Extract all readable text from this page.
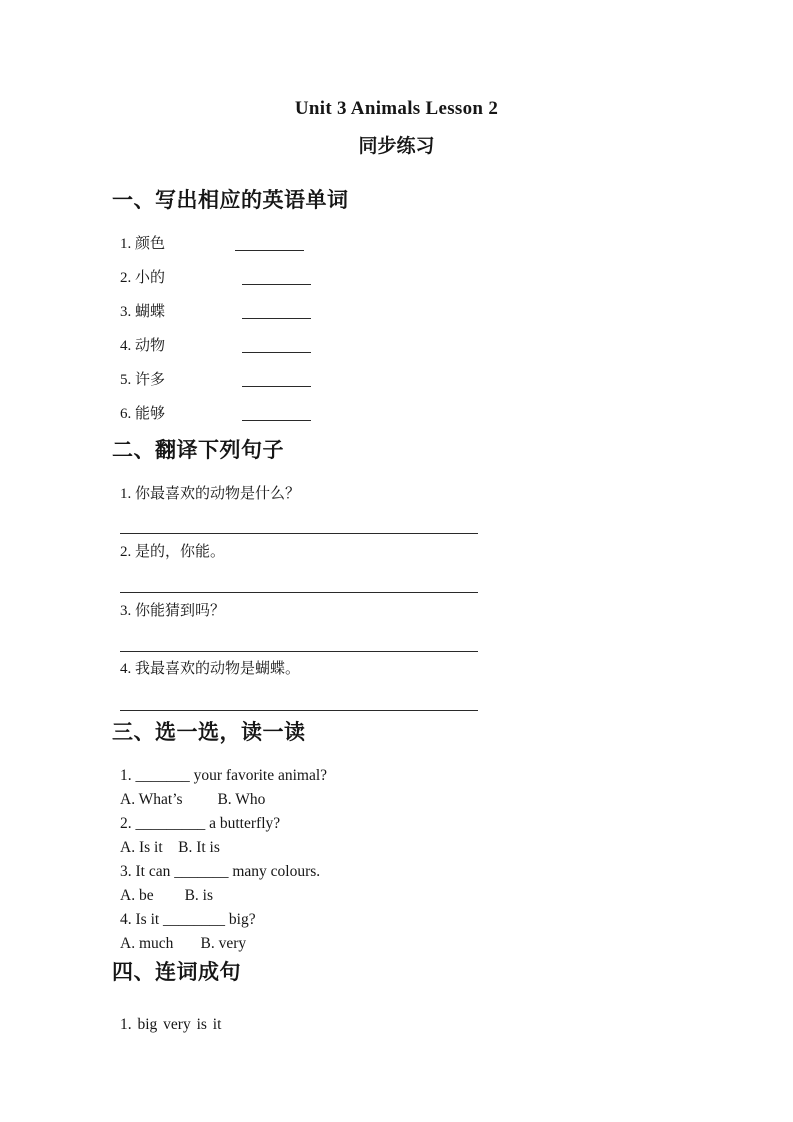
Unit 3 Animals Lesson 2
同步练习
一、写出相应的英语单词
1. 颜色
2. 小的
3. 蝴蝶
4. 动物
5. 许多
6. 能够
二、翻译下列句子
1. 你最喜欢的动物是什么？
2. 是的，你能。
3. 你能猜到吗？
4. 我最喜欢的动物是蝴蝶。
三、选一选，读一读
1. _______ your favorite animal?
A. What’s         B. Who
2. _________ a butterfly?
A. Is it    B. It is
3. It can _______ many colours.
A. be        B. is
4. Is it ________ big?
A. much       B. very
四、连词成句
1. big very is it
